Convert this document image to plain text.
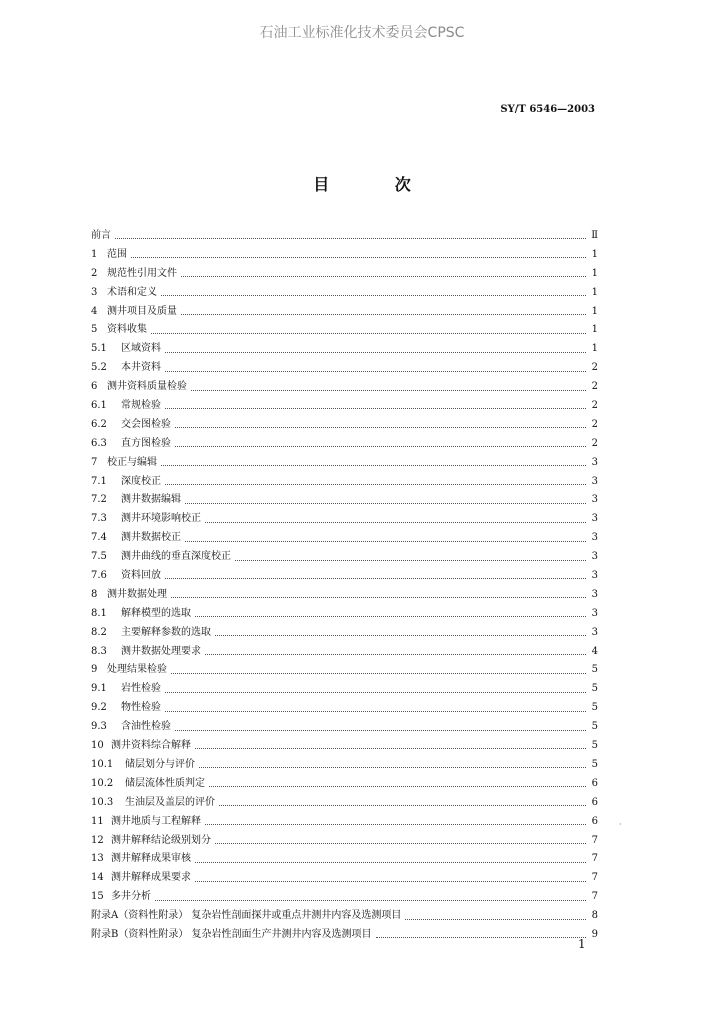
石油工业标准化技术委员会CPSC
SY/T 6546—2003
目 次
前言	Ⅱ
1 范围	1
2 规范性引用文件	1
3 术语和定义	1
4 测井项目及质量	1
5 资料收集	1
5.1	区域资料	1
5.2	本井资料	2
6 测井资料质量检验	2
6.1	常规检验	2
6.2	交会图检验	2
6.3	直方图检验	2
7 校正与编辑	3
7.1	深度校正	3
7.2	测井数据编辑	3
7.3	测井环境影响校正	3
7.4	测井数据校正	3
7.5	测井曲线的垂直深度校正	3
7.6	资料回放	3
8 测井数据处理	3
8.1	解释模型的选取	3
8.2	主要解释参数的选取	3
8.3	测井数据处理要求	4
9 处理结果检验	5
9.1	岩性检验	5
9.2	物性检验	5
9.3	含油性检验	5
10 测井资料综合解释	5
10.1	储层划分与评价	5
10.2	储层流体性质判定	6
10.3	生油层及盖层的评价	6
11 测井地质与工程解释	6
12 测井解释结论级别划分	7
13 测井解释成果审核	7
14 测井解释成果要求	7
15 多井分析	7
附录A（资料性附录） 复杂岩性剖面探井或重点井测井内容及选测项目	8
附录B（资料性附录） 复杂岩性剖面生产井测井内容及选测项目	9
·
1
